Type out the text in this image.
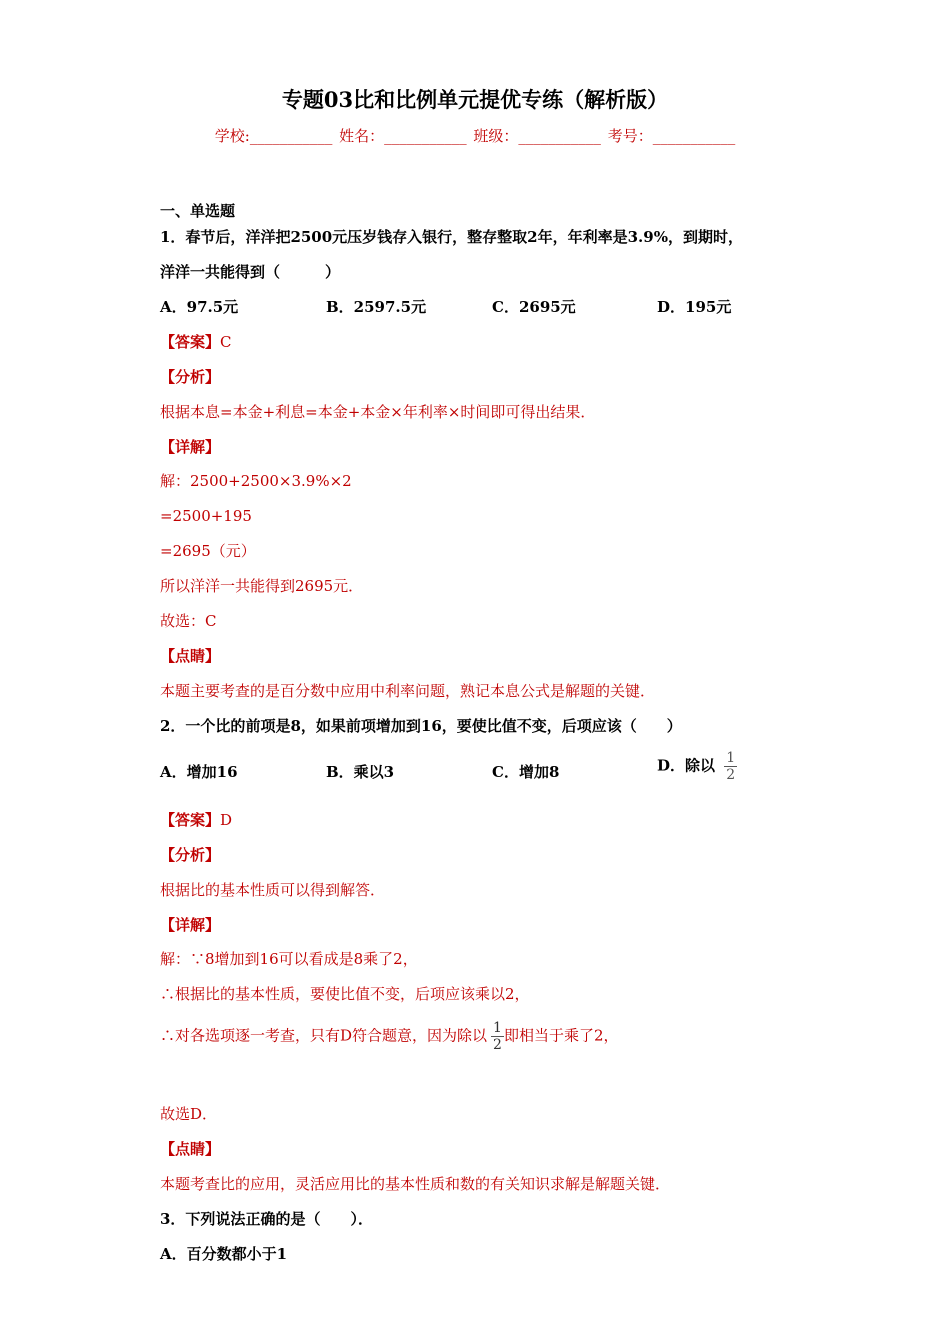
专题03比和比例单元提优专练（解析版）
学校:___________ 姓名：___________ 班级：___________ 考号：___________
一、单选题
1．春节后，洋洋把2500元压岁钱存入银行，整存整取2年，年利率是3.9%，到期时，
洋洋一共能得到（　　　）
A．97.5元	B．2597.5元	C．2695元	D．195元
【答案】C
【分析】
根据本息=本金+利息=本金+本金×年利率×时间即可得出结果．
【详解】
解：2500+2500×3.9%×2
=2500+195
=2695（元）
所以洋洋一共能得到2695元．
故选：C
【点睛】
本题主要考查的是百分数中应用中利率问题，熟记本息公式是解题的关键．
2．一个比的前项是8，如果前项增加到16，要使比值不变，后项应该（　　）
A．增加16	B．乘以3	C．增加8	D．除以 $\frac{1}{2}$
【答案】D
【分析】
根据比的基本性质可以得到解答．
【详解】
解：∵8增加到16可以看成是8乘了2，
∴根据比的基本性质，要使比值不变，后项应该乘以2，
∴对各选项逐一考查，只有D符合题意，因为除以 $\frac{1}{2}$ 即相当于乘了2，
故选D．
【点睛】
本题考查比的应用，灵活应用比的基本性质和数的有关知识求解是解题关键．
3．下列说法正确的是（　　）．
A．百分数都小于1
